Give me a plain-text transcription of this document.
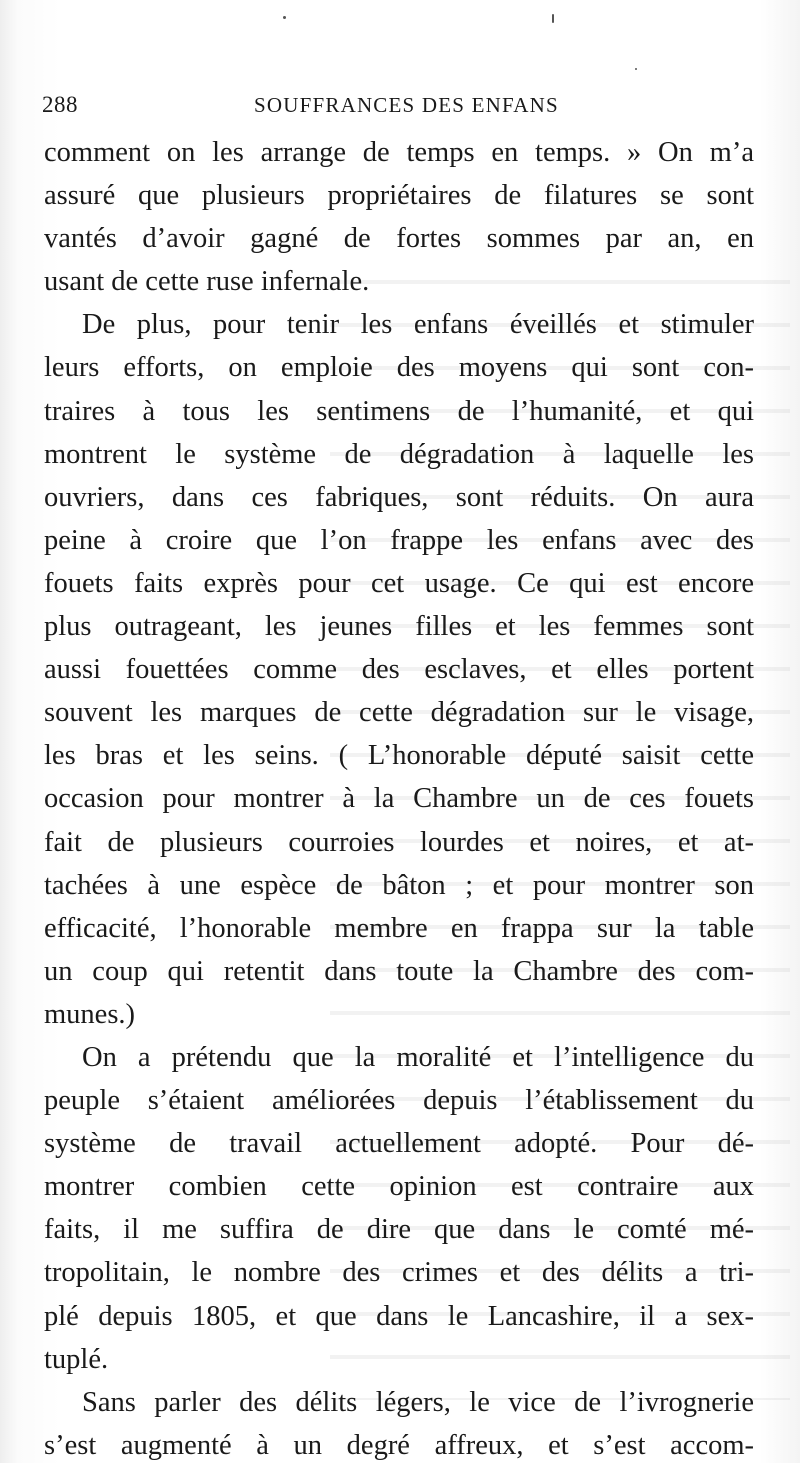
288	SOUFFRANCES DES ENFANS
comment on les arrange de temps en temps. » On m’a
assuré que plusieurs propriétaires de filatures se sont
vantés d’avoir gagné de fortes sommes par an, en
usant de cette ruse infernale.
De plus, pour tenir les enfans éveillés et stimuler
leurs efforts, on emploie des moyens qui sont con-
traires à tous les sentimens de l’humanité, et qui
montrent le système de dégradation à laquelle les
ouvriers, dans ces fabriques, sont réduits. On aura
peine à croire que l’on frappe les enfans avec des
fouets faits exprès pour cet usage. Ce qui est encore
plus outrageant, les jeunes filles et les femmes sont
aussi fouettées comme des esclaves, et elles portent
souvent les marques de cette dégradation sur le visage,
les bras et les seins. ( L’honorable député saisit cette
occasion pour montrer à la Chambre un de ces fouets
fait de plusieurs courroies lourdes et noires, et at-
tachées à une espèce de bâton ; et pour montrer son
efficacité, l’honorable membre en frappa sur la table
un coup qui retentit dans toute la Chambre des com-
munes.)
On a prétendu que la moralité et l’intelligence du
peuple s’étaient améliorées depuis l’établissement du
système de travail actuellement adopté. Pour dé-
montrer combien cette opinion est contraire aux
faits, il me suffira de dire que dans le comté mé-
tropolitain, le nombre des crimes et des délits a tri-
plé depuis 1805, et que dans le Lancashire, il a sex-
tuplé.
Sans parler des délits légers, le vice de l’ivrognerie
s’est augmenté à un degré affreux, et s’est accom-
